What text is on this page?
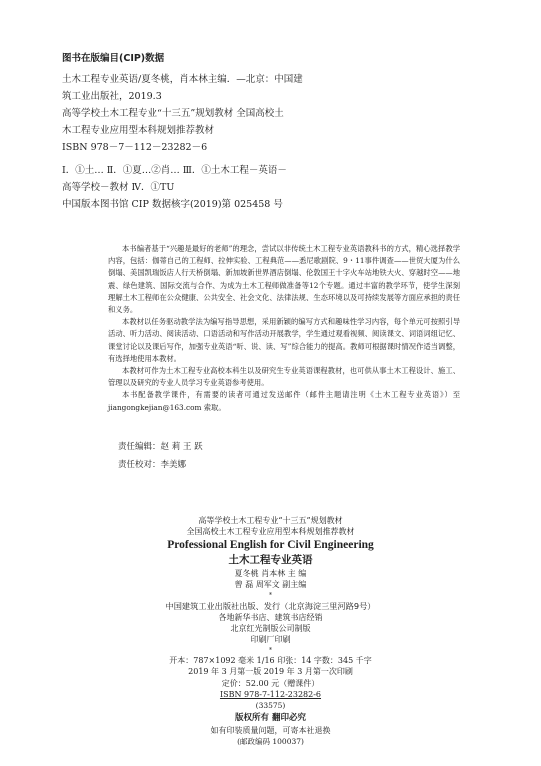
图书在版编目(CIP)数据
土木工程专业英语/夏冬桃，肖本林主编．—北京：中国建
筑工业出版社，2019.3
高等学校土木工程专业“十三五”规划教材 全国高校土
木工程专业应用型本科规划推荐教材
ISBN 978－7－112－23282－6
Ⅰ．①土… Ⅱ．①夏…②肖… Ⅲ．①土木工程－英语－
高等学校－教材 Ⅳ．①TU
中国版本图书馆 CIP 数据核字(2019)第 025458 号

本书编者基于“兴趣是最好的老师”的理念，尝试以非传统土木工程专业英语教科书的方式，精心选择教学内容，包括：伽蒂自己的工程师、拉伸实验、工程典范——悉尼歌剧院、9・11事件调查——世贸大厦为什么倒塌、美国凯瑞饭店人行天桥倒塌、新加坡新世界酒店倒塌、伦敦国王十字火车站地铁大火、穿越时空——地震、绿色建筑、国际交流与合作、为成为土木工程师做准备等12个专题。通过丰富的教学环节，使学生深刻理解土木工程师在公众健康、公共安全、社会文化、法律法规、生态环境以及可持续发展等方面应承担的责任和义务。

本教材以任务驱动教学法为编写指导思想，采用新颖的编写方式和趣味性学习内容，每个单元可按照引导活动、听力活动、阅读活动、口语活动和写作活动开展教学，学生通过观看视频、阅读课文、词语词组记忆、课堂讨论以及课后写作，加强专业英语“听、说、读、写”综合能力的提高。教师可根据课时情况作适当调整，有选择地使用本教材。

本教材可作为土木工程专业高校本科生以及研究生专业英语课程教材，也可供从事土木工程设计、施工、管理以及研究的专业人员学习专业英语参考使用。

本书配备教学课件，有需要的读者可通过发送邮件（邮件主题请注明《土木工程专业英语》）至 jiangongkejian@163.com 索取。

责任编辑：赵 莉 王 跃
责任校对：李美娜
高等学校土木工程专业“十三五”规划教材
全国高校土木工程专业应用型本科规划推荐教材
Professional English for Civil Engineering
土木工程专业英语
夏冬桃 肖本林 主 编
曾 磊 周军文 副主编
*
中国建筑工业出版社出版、发行（北京海淀三里河路9号）
各地新华书店、建筑书店经销
北京红光制版公司制版
印刷厂印刷
*
开本：787×1092 毫米 1/16 印张：14 字数：345 千字
2019 年 3 月第一版 2019 年 3 月第一次印刷
定价：52.00 元（赠课件）
ISBN 978-7-112-23282-6
(33575)
版权所有 翻印必究
如有印装质量问题，可寄本社退换
(邮政编码 100037)
